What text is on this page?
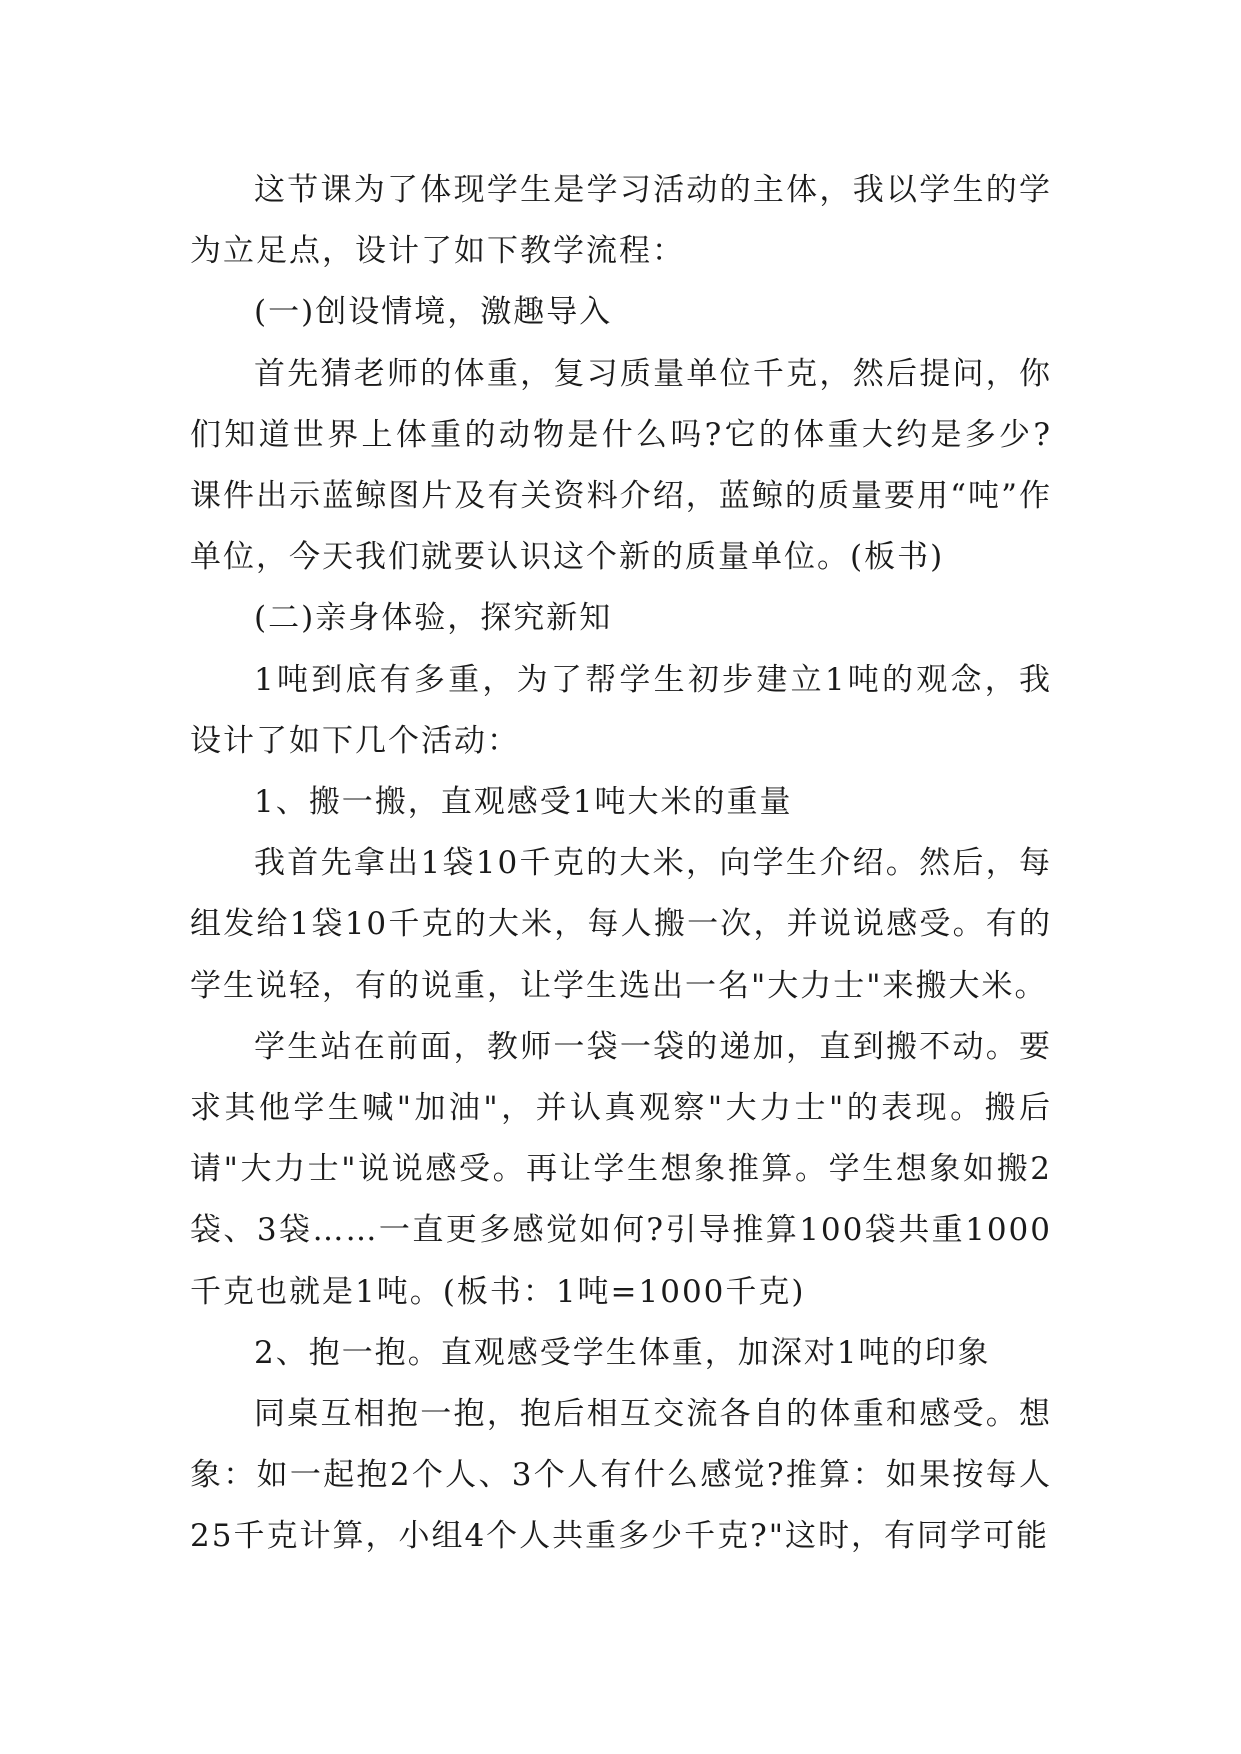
这节课为了体现学生是学习活动的主体，我以学生的学为立足点，设计了如下教学流程：

(一)创设情境，激趣导入

首先猜老师的体重，复习质量单位千克，然后提问，你们知道世界上体重的动物是什么吗?它的体重大约是多少?课件出示蓝鲸图片及有关资料介绍，蓝鲸的质量要用“吨”作单位，今天我们就要认识这个新的质量单位。(板书)

(二)亲身体验，探究新知

1吨到底有多重，为了帮学生初步建立1吨的观念，我设计了如下几个活动：

1、搬一搬，直观感受1吨大米的重量

我首先拿出1袋10千克的大米，向学生介绍。然后，每组发给1袋10千克的大米，每人搬一次，并说说感受。有的学生说轻，有的说重，让学生选出一名"大力士"来搬大米。

学生站在前面，教师一袋一袋的递加，直到搬不动。要求其他学生喊"加油"，并认真观察"大力士"的表现。搬后请"大力士"说说感受。再让学生想象推算。学生想象如搬2袋、3袋……一直更多感觉如何?引导推算100袋共重1000千克也就是1吨。(板书：1吨=1000千克)

2、抱一抱。直观感受学生体重，加深对1吨的印象

同桌互相抱一抱，抱后相互交流各自的体重和感受。想象：如一起抱2个人、3个人有什么感觉?推算：如果按每人25千克计算，小组4个人共重多少千克?"这时，有同学可能
